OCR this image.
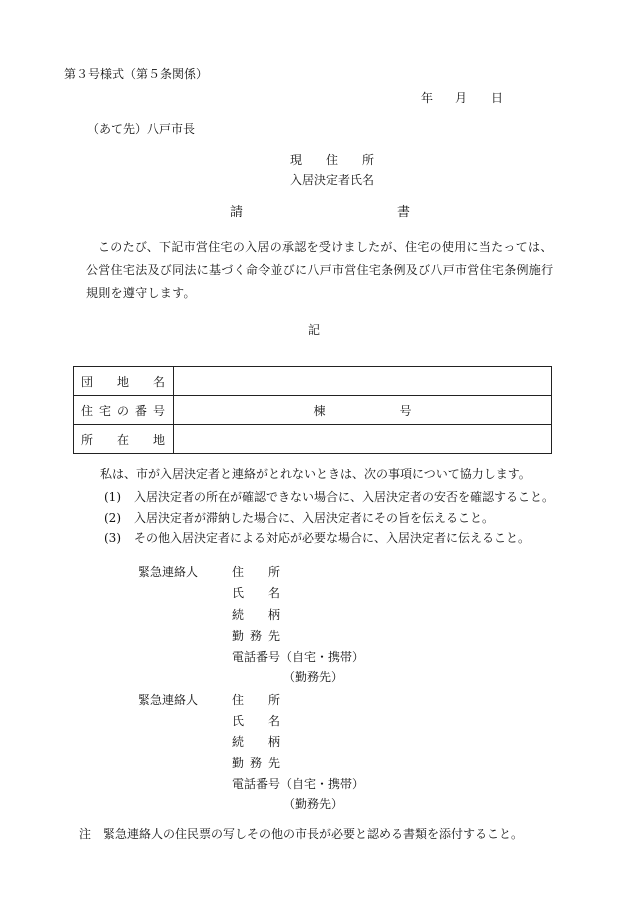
第３号様式（第５条関係）
年 月 日
（あて先）八戸市長
現 住 所
入居決定者氏名
請	書
このたび、下記市営住宅の入居の承認を受けましたが、住宅の使用に当たっては、公営住宅法及び同法に基づく命令並びに八戸市営住宅条例及び八戸市営住宅条例施行規則を遵守します。
記
団 地 名	

住 宅 の 番 号	棟 号

所 在 地	

私は、市が入居決定者と連絡がとれないときは、次の事項について協力します。
(1) 入居決定者の所在が確認できない場合に、入居決定者の安否を確認すること。
(2) 入居決定者が滞納した場合に、入居決定者にその旨を伝えること。
(3) その他入居決定者による対応が必要な場合に、入居決定者に伝えること。
緊急連絡人	住 所
氏 名
続 柄
勤 務 先
電話番号（自宅・携帯）
（勤務先）
緊急連絡人	住 所
氏 名
続 柄
勤 務 先
電話番号（自宅・携帯）
（勤務先）
注　緊急連絡人の住民票の写しその他の市長が必要と認める書類を添付すること。
